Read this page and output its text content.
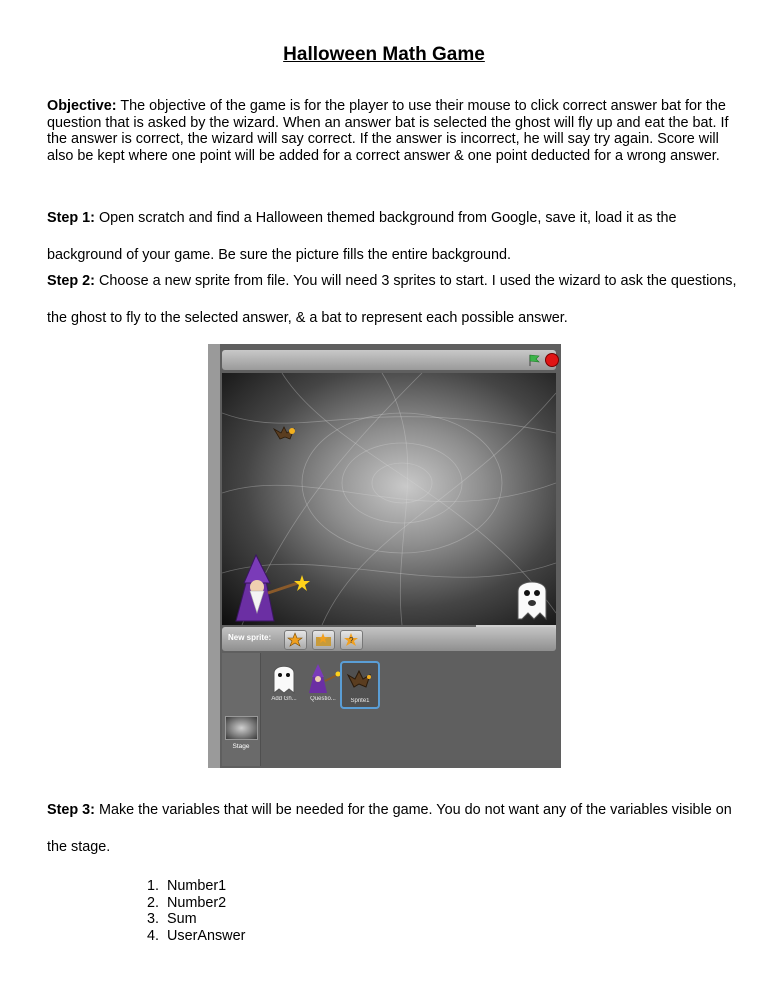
Halloween Math Game
Objective: The objective of the game is for the player to use their mouse to click correct answer bat for the question that is asked by the wizard. When an answer bat is selected the ghost will fly up and eat the bat. If the answer is correct, the wizard will say correct. If the answer is incorrect, he will say try again. Score will also be kept where one point will be added for a correct answer & one point deducted for a wrong answer.
Step 1: Open scratch and find a Halloween themed background from Google, save it, load it as the background of your game. Be sure the picture fills the entire background.
Step 2: Choose a new sprite from file. You will need 3 sprites to start. I used the wizard to ask the questions, the ghost to fly to the selected answer, & a bat to represent each possible answer.

New sprite:	?
Stage
Add Gh...	Questio...	Sprite1
Step 3: Make the variables that will be needed for the game. You do not want any of the variables visible on the stage.
1. Number1
2. Number2
3. Sum
4. UserAnswer
